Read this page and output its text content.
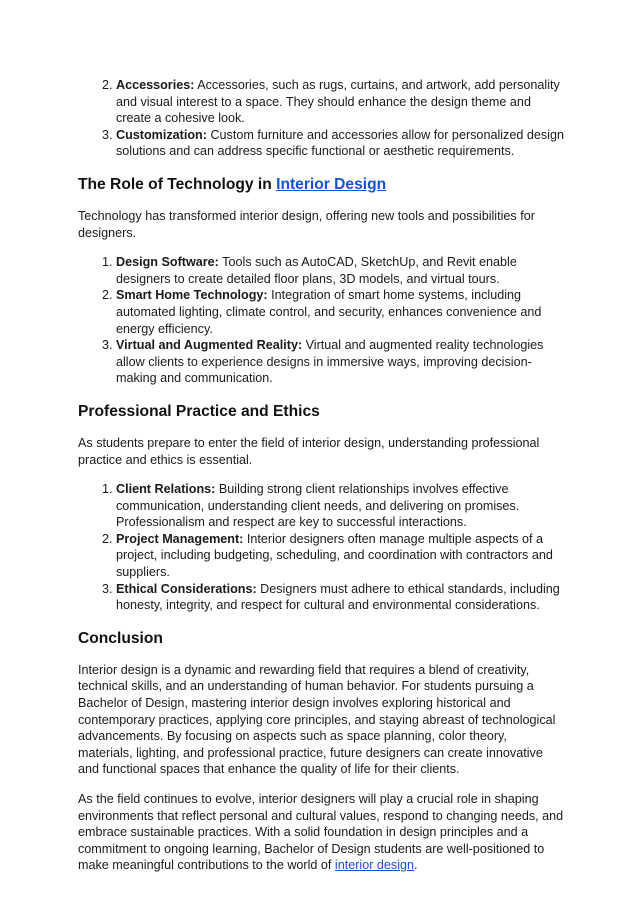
2. Accessories: Accessories, such as rugs, curtains, and artwork, add personality and visual interest to a space. They should enhance the design theme and create a cohesive look.
3. Customization: Custom furniture and accessories allow for personalized design solutions and can address specific functional or aesthetic requirements.
The Role of Technology in Interior Design

Technology has transformed interior design, offering new tools and possibilities for designers.

1. Design Software: Tools such as AutoCAD, SketchUp, and Revit enable designers to create detailed floor plans, 3D models, and virtual tours.
2. Smart Home Technology: Integration of smart home systems, including automated lighting, climate control, and security, enhances convenience and energy efficiency.
3. Virtual and Augmented Reality: Virtual and augmented reality technologies allow clients to experience designs in immersive ways, improving decision-making and communication.
Professional Practice and Ethics

As students prepare to enter the field of interior design, understanding professional practice and ethics is essential.

1. Client Relations: Building strong client relationships involves effective communication, understanding client needs, and delivering on promises. Professionalism and respect are key to successful interactions.
2. Project Management: Interior designers often manage multiple aspects of a project, including budgeting, scheduling, and coordination with contractors and suppliers.
3. Ethical Considerations: Designers must adhere to ethical standards, including honesty, integrity, and respect for cultural and environmental considerations.
Conclusion

Interior design is a dynamic and rewarding field that requires a blend of creativity, technical skills, and an understanding of human behavior. For students pursuing a Bachelor of Design, mastering interior design involves exploring historical and contemporary practices, applying core principles, and staying abreast of technological advancements. By focusing on aspects such as space planning, color theory, materials, lighting, and professional practice, future designers can create innovative and functional spaces that enhance the quality of life for their clients.

As the field continues to evolve, interior designers will play a crucial role in shaping environments that reflect personal and cultural values, respond to changing needs, and embrace sustainable practices. With a solid foundation in design principles and a commitment to ongoing learning, Bachelor of Design students are well-positioned to make meaningful contributions to the world of interior design.
